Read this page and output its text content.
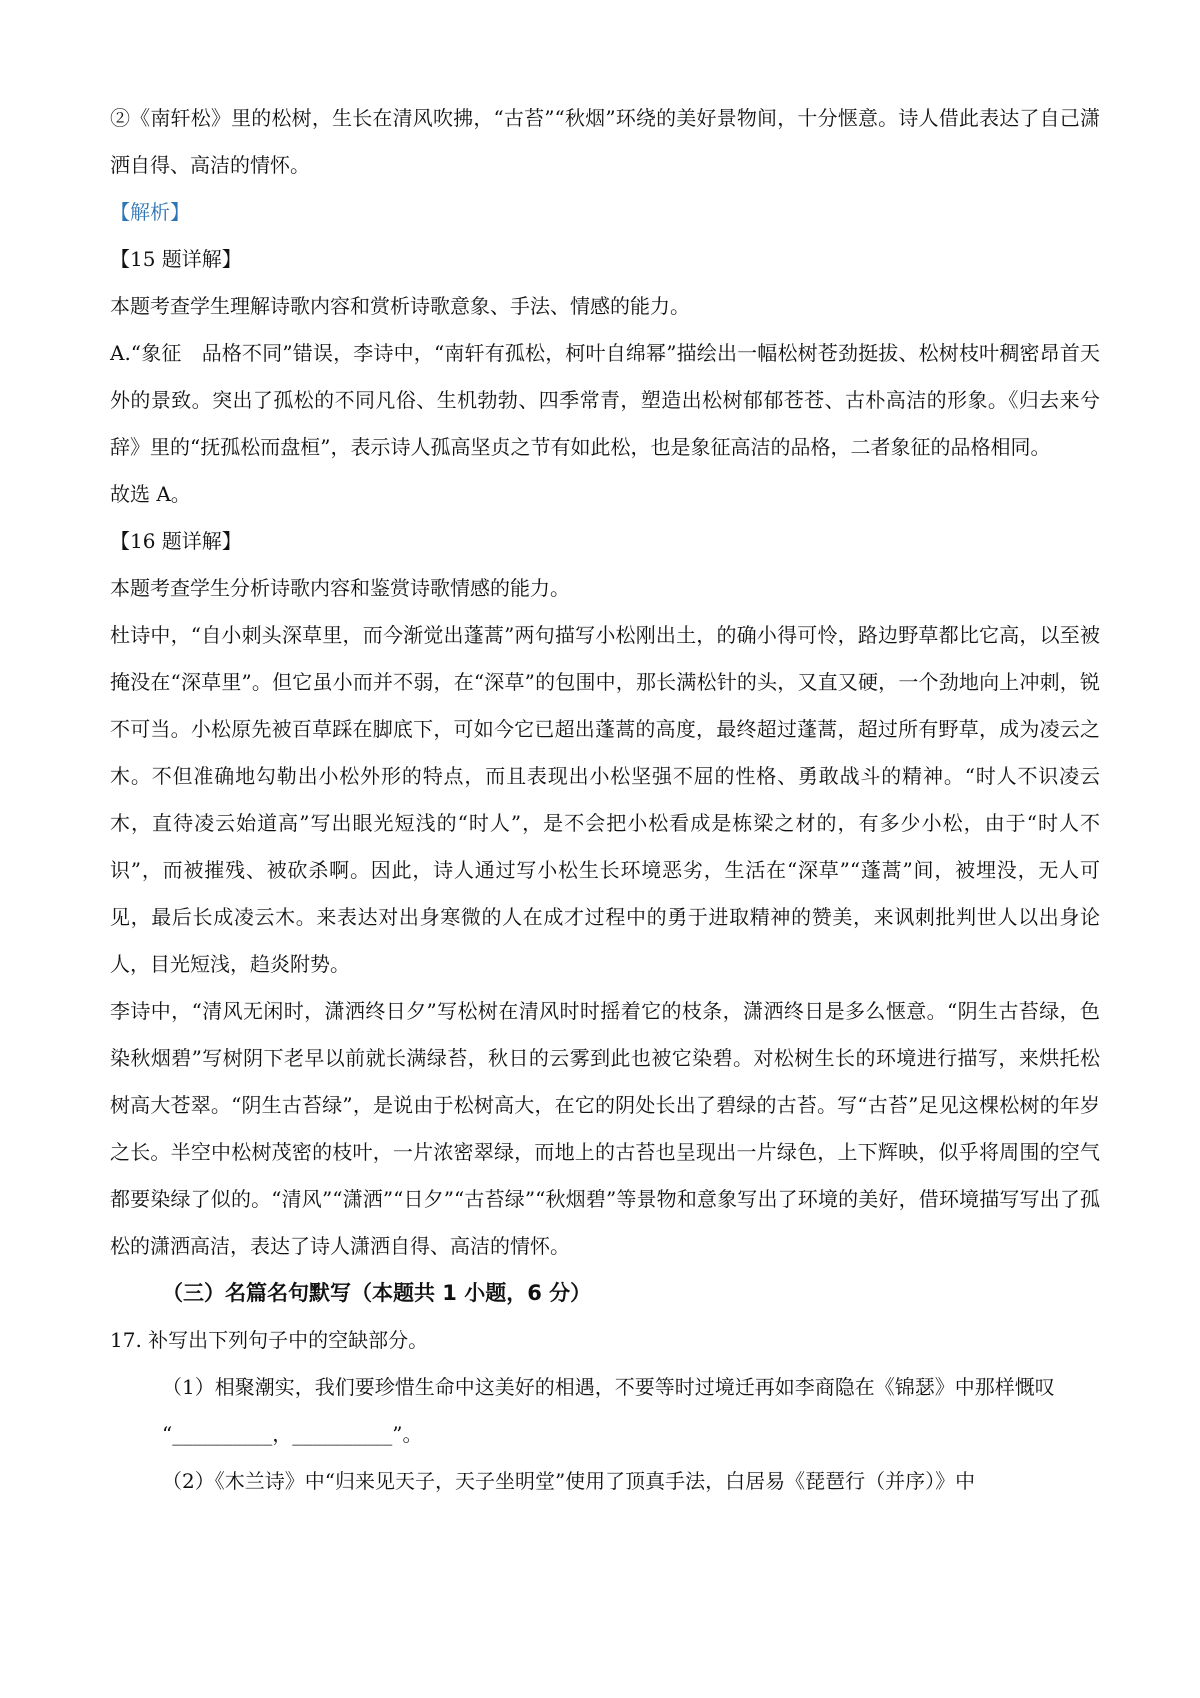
②《南轩松》里的松树，生长在清风吹拂，“古苔”“秋烟”环绕的美好景物间，十分惬意。诗人借此表达了自己潇洒自得、高洁的情怀。

【解析】

【15 题详解】

本题考查学生理解诗歌内容和赏析诗歌意象、手法、情感的能力。

A.“象征　品格不同”错误，李诗中，“南轩有孤松，柯叶自绵幂”描绘出一幅松树苍劲挺拔、松树枝叶稠密昂首天外的景致。突出了孤松的不同凡俗、生机勃勃、四季常青，塑造出松树郁郁苍苍、古朴高洁的形象。《归去来兮辞》里的“抚孤松而盘桓”，表示诗人孤高坚贞之节有如此松，也是象征高洁的品格，二者象征的品格相同。

故选 A。

【16 题详解】

本题考查学生分析诗歌内容和鉴赏诗歌情感的能力。

杜诗中，“自小刺头深草里，而今渐觉出蓬蒿”两句描写小松刚出土，的确小得可怜，路边野草都比它高，以至被掩没在“深草里”。但它虽小而并不弱，在“深草”的包围中，那长满松针的头，又直又硬，一个劲地向上冲刺，锐不可当。小松原先被百草踩在脚底下，可如今它已超出蓬蒿的高度，最终超过蓬蒿，超过所有野草，成为凌云之木。不但准确地勾勒出小松外形的特点，而且表现出小松坚强不屈的性格、勇敢战斗的精神。“时人不识凌云木，直待凌云始道高”写出眼光短浅的“时人”，是不会把小松看成是栋梁之材的，有多少小松，由于“时人不识”，而被摧残、被砍杀啊。因此，诗人通过写小松生长环境恶劣，生活在“深草”“蓬蒿”间，被埋没，无人可见，最后长成凌云木。来表达对出身寒微的人在成才过程中的勇于进取精神的赞美，来讽刺批判世人以出身论人，目光短浅，趋炎附势。

李诗中，“清风无闲时，潇洒终日夕”写松树在清风时时摇着它的枝条，潇洒终日是多么惬意。“阴生古苔绿，色染秋烟碧”写树阴下老早以前就长满绿苔，秋日的云雾到此也被它染碧。对松树生长的环境进行描写，来烘托松树高大苍翠。“阴生古苔绿”，是说由于松树高大，在它的阴处长出了碧绿的古苔。写“古苔”足见这棵松树的年岁之长。半空中松树茂密的枝叶，一片浓密翠绿，而地上的古苔也呈现出一片绿色，上下辉映，似乎将周围的空气都要染绿了似的。“清风”“潇洒”“日夕”“古苔绿”“秋烟碧”等景物和意象写出了环境的美好，借环境描写写出了孤松的潇洒高洁，表达了诗人潇洒自得、高洁的情怀。

（三）名篇名句默写（本题共 1 小题，6 分）

17. 补写出下列句子中的空缺部分。

（1）相聚潮实，我们要珍惜生命中这美好的相遇，不要等时过境迁再如李商隐在《锦瑟》中那样慨叹

“__________，__________”。

（2）《木兰诗》中“归来见天子，天子坐明堂”使用了顶真手法，白居易《琵琶行（并序）》中
